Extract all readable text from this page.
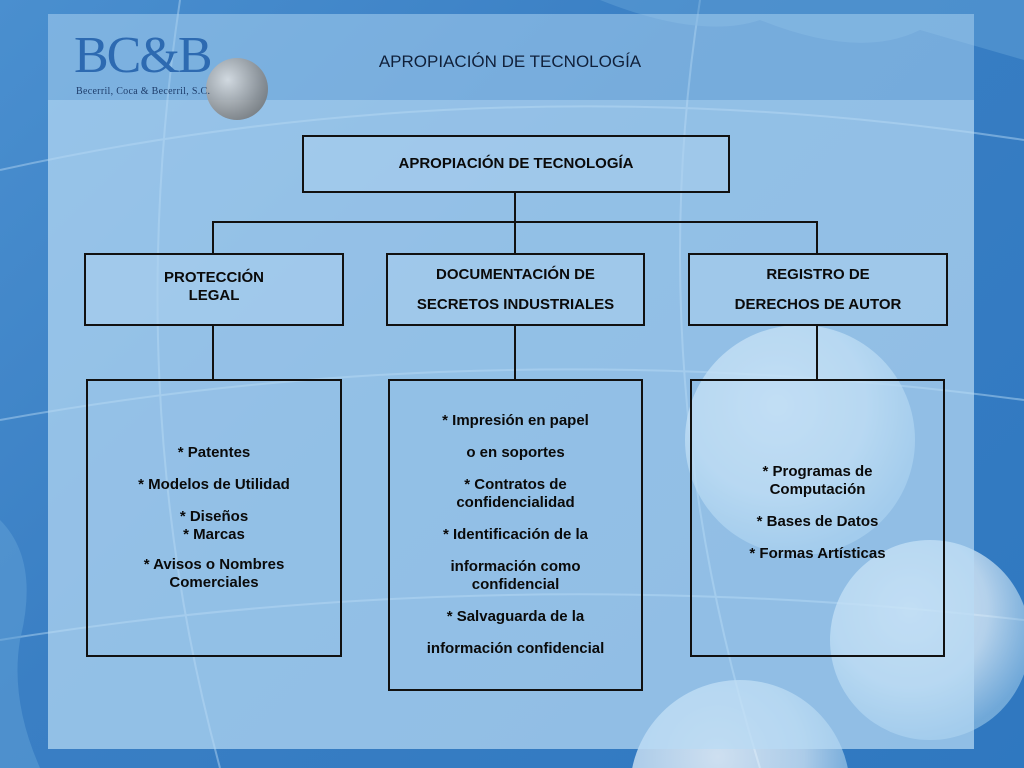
BC&B
Becerril, Coca & Becerril, S.C.
APROPIACIÓN DE TECNOLOGÍA
APROPIACIÓN DE TECNOLOGÍA
PROTECCIÓN
LEGAL
DOCUMENTACIÓN DE
SECRETOS INDUSTRIALES
REGISTRO DE
DERECHOS DE AUTOR
* Patentes
* Modelos de Utilidad
* Diseños
* Marcas
* Avisos o Nombres
Comerciales
* Impresión en papel
o en soportes
* Contratos de
confidencialidad
* Identificación de la
información como
confidencial
* Salvaguarda de la
información confidencial
* Programas de
Computación
* Bases de Datos
* Formas Artísticas
